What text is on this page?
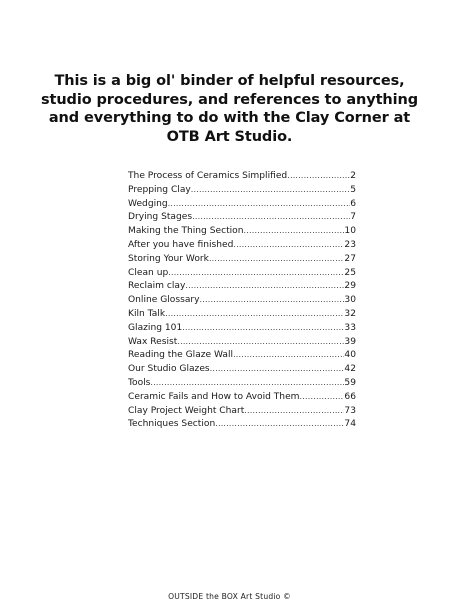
This is a big ol' binder of helpful resources, studio procedures, and references to anything and everything to do with the Clay Corner at OTB Art Studio.
The Process of Ceramics Simplified .....	2
Prepping Clay .....	5
Wedging .....	6
Drying Stages .....	7
Making the Thing Section .....	10
After you have finished .....	23
Storing Your Work .....	27
Clean up .....	25
Reclaim clay .....	29
Online Glossary .....	30
Kiln Talk .....	32
Glazing 101 .....	33
Wax Resist .....	39
Reading the Glaze Wall .....	40
Our Studio Glazes .....	42
Tools .....	59
Ceramic Fails and How to Avoid Them .....	66
Clay Project Weight Chart .....	73
Techniques Section .....	74
OUTSIDE the BOX Art Studio ©
